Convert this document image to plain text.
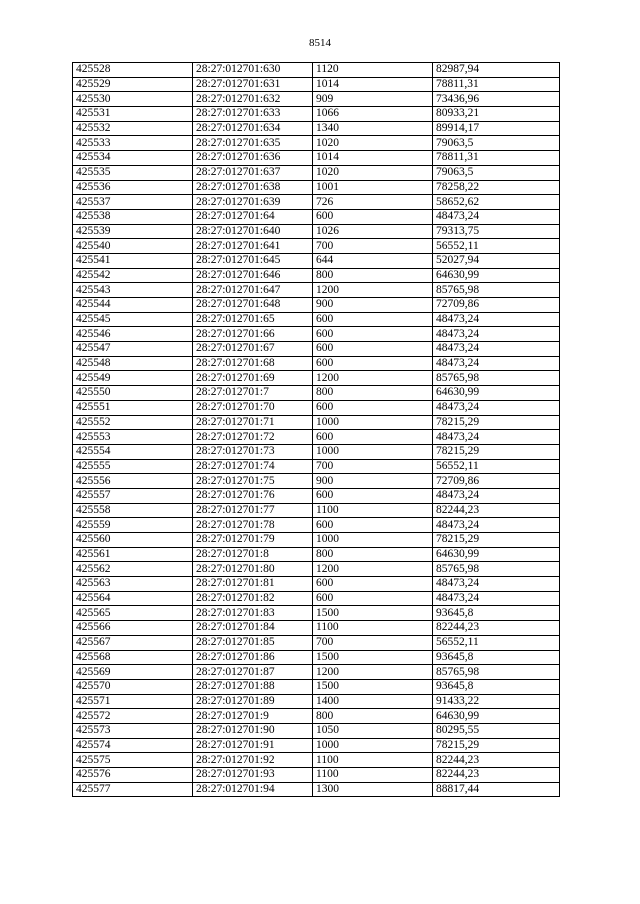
8514
425528	28:27:012701:630	1120	82987,94
425529	28:27:012701:631	1014	78811,31
425530	28:27:012701:632	909	73436,96
425531	28:27:012701:633	1066	80933,21
425532	28:27:012701:634	1340	89914,17
425533	28:27:012701:635	1020	79063,5
425534	28:27:012701:636	1014	78811,31
425535	28:27:012701:637	1020	79063,5
425536	28:27:012701:638	1001	78258,22
425537	28:27:012701:639	726	58652,62
425538	28:27:012701:64	600	48473,24
425539	28:27:012701:640	1026	79313,75
425540	28:27:012701:641	700	56552,11
425541	28:27:012701:645	644	52027,94
425542	28:27:012701:646	800	64630,99
425543	28:27:012701:647	1200	85765,98
425544	28:27:012701:648	900	72709,86
425545	28:27:012701:65	600	48473,24
425546	28:27:012701:66	600	48473,24
425547	28:27:012701:67	600	48473,24
425548	28:27:012701:68	600	48473,24
425549	28:27:012701:69	1200	85765,98
425550	28:27:012701:7	800	64630,99
425551	28:27:012701:70	600	48473,24
425552	28:27:012701:71	1000	78215,29
425553	28:27:012701:72	600	48473,24
425554	28:27:012701:73	1000	78215,29
425555	28:27:012701:74	700	56552,11
425556	28:27:012701:75	900	72709,86
425557	28:27:012701:76	600	48473,24
425558	28:27:012701:77	1100	82244,23
425559	28:27:012701:78	600	48473,24
425560	28:27:012701:79	1000	78215,29
425561	28:27:012701:8	800	64630,99
425562	28:27:012701:80	1200	85765,98
425563	28:27:012701:81	600	48473,24
425564	28:27:012701:82	600	48473,24
425565	28:27:012701:83	1500	93645,8
425566	28:27:012701:84	1100	82244,23
425567	28:27:012701:85	700	56552,11
425568	28:27:012701:86	1500	93645,8
425569	28:27:012701:87	1200	85765,98
425570	28:27:012701:88	1500	93645,8
425571	28:27:012701:89	1400	91433,22
425572	28:27:012701:9	800	64630,99
425573	28:27:012701:90	1050	80295,55
425574	28:27:012701:91	1000	78215,29
425575	28:27:012701:92	1100	82244,23
425576	28:27:012701:93	1100	82244,23
425577	28:27:012701:94	1300	88817,44
